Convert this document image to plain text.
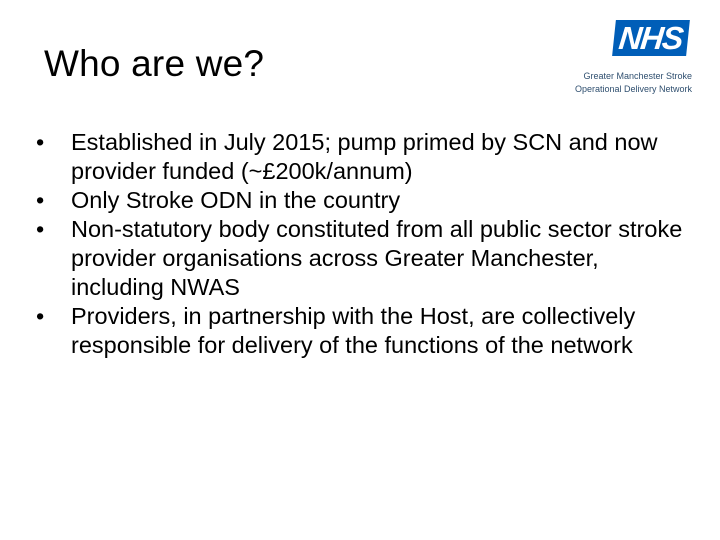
Who are we?
NHS
Greater Manchester Stroke
Operational Delivery Network
•	Established in July 2015; pump primed by SCN and now provider funded (~£200k/annum)
•	Only Stroke ODN in the country
•	Non-statutory body constituted from all public sector stroke provider organisations across Greater Manchester, including NWAS
•	Providers, in partnership with the Host, are collectively responsible for delivery of the functions of the network
